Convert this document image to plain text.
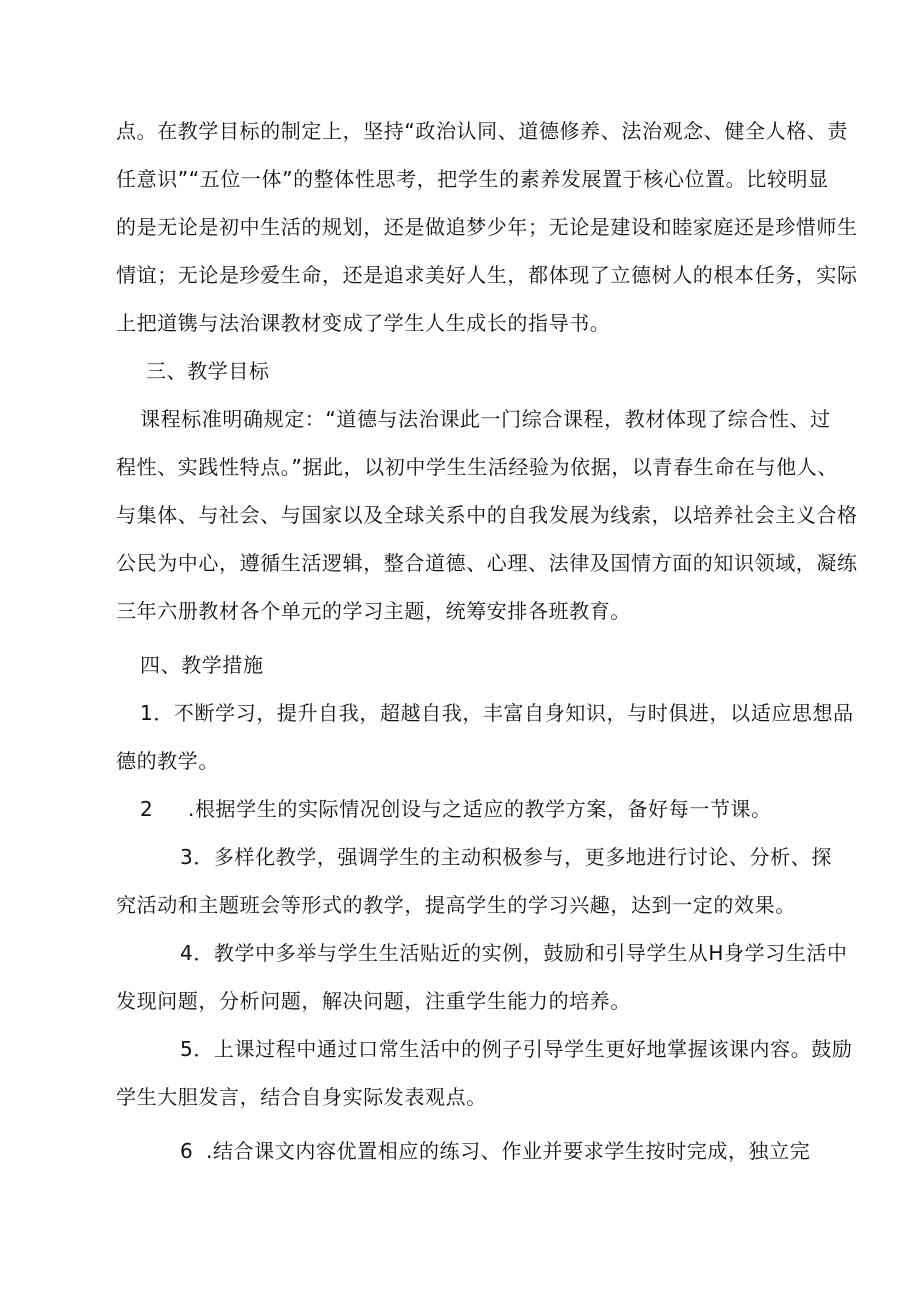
点。在教学目标的制定上，坚持“政治认同、道德修养、法治观念、健全人格、责
任意识”“五位一体”的整体性思考，把学生的素养发展置于核心位置。比较明显
的是无论是初中生活的规划，还是做追梦少年；无论是建设和睦家庭还是珍惜师生
情谊；无论是珍爱生命，还是追求美好人生，都体现了立德树人的根本任务，实际
上把道镌与法治课教材变成了学生人生成长的指导书。
三、教学目标
课程标准明确规定：“道德与法治课此一门综合课程，教材体现了综合性、过
程性、实践性特点。”据此，以初中学生生活经验为依据，以青春生命在与他人、
与集体、与社会、与国家以及全球关系中的自我发展为线索，以培养社会主义合格
公民为中心，遵循生活逻辑，整合道德、心理、法律及国情方面的知识领域，凝练
三年六册教材各个单元的学习主题，统筹安排各班教育。
四、教学措施
1．不断学习，提升自我，超越自我，丰富自身知识，与时俱进，以适应思想品
德的教学。
2 .根据学生的实际情况创设与之适应的教学方案，备好每一节课。
3．多样化教学，强调学生的主动积极参与，更多地进行讨论、分析、探
究活动和主题班会等形式的教学，提高学生的学习兴趣，达到一定的效果。
4．教学中多举与学生生活贴近的实例，鼓励和引导学生从H身学习生活中
发现问题，分析问题，解决问题，注重学生能力的培养。
5．上课过程中通过口常生活中的例子引导学生更好地掌握该课内容。鼓励
学生大胆发言，结合自身实际发表观点。
6 .结合课文内容优置相应的练习、作业并要求学生按时完成，独立完
